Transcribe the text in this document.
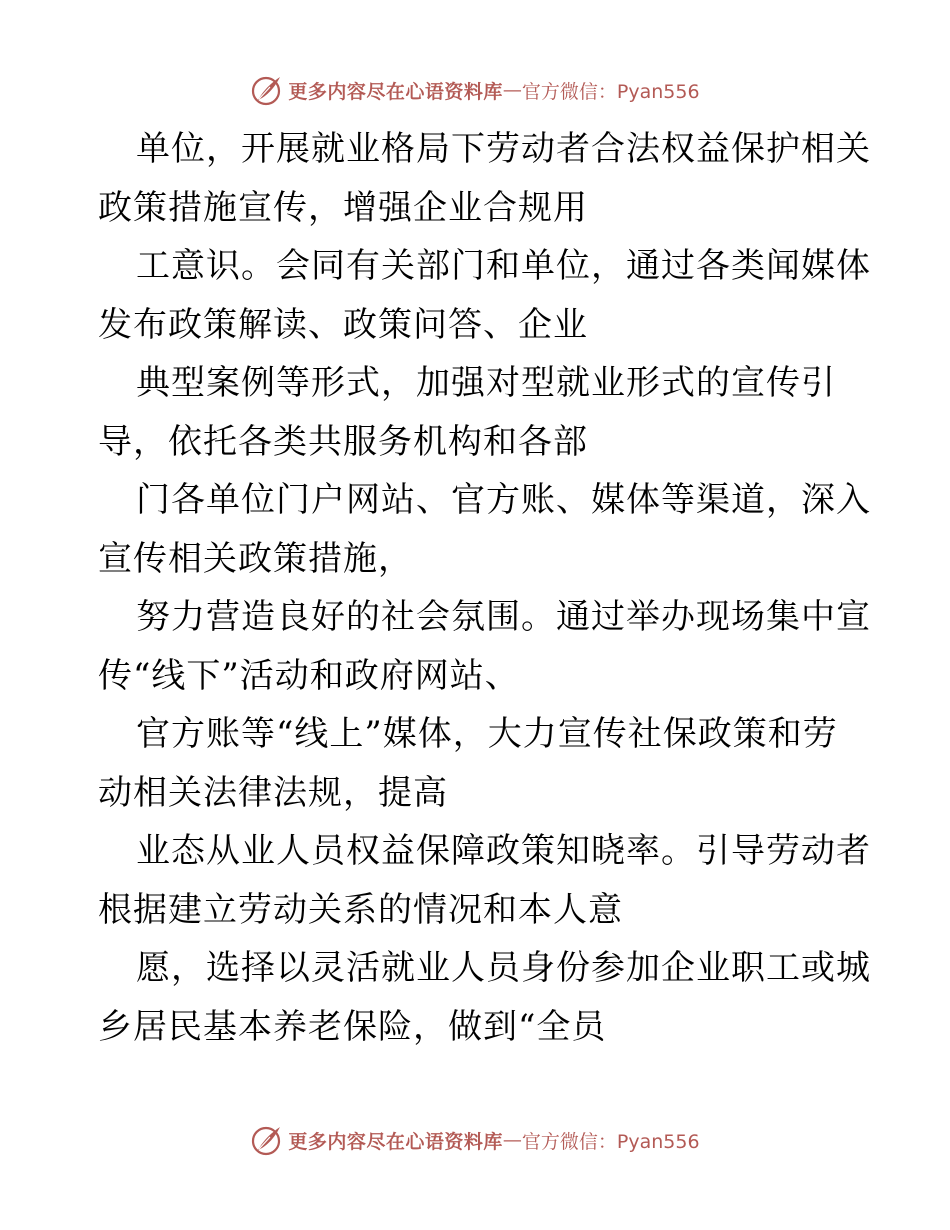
更多内容尽在心语资料库 — 官方微信：Pyan556
单位，开展就业格局下劳动者合法权益保护相关
政策措施宣传，增强企业合规用
工意识。会同有关部门和单位，通过各类闻媒体
发布政策解读、政策问答、企业
典型案例等形式，加强对型就业形式的宣传引
导，依托各类共服务机构和各部
门各单位门户网站、官方账、媒体等渠道，深入
宣传相关政策措施，
努力营造良好的社会氛围。通过举办现场集中宣
传“线下”活动和政府网站、
官方账等“线上”媒体，大力宣传社保政策和劳
动相关法律法规，提高
业态从业人员权益保障政策知晓率。引导劳动者
根据建立劳动关系的情况和本人意
愿，选择以灵活就业人员身份参加企业职工或城
乡居民基本养老保险，做到“全员
更多内容尽在心语资料库 — 官方微信：Pyan556
